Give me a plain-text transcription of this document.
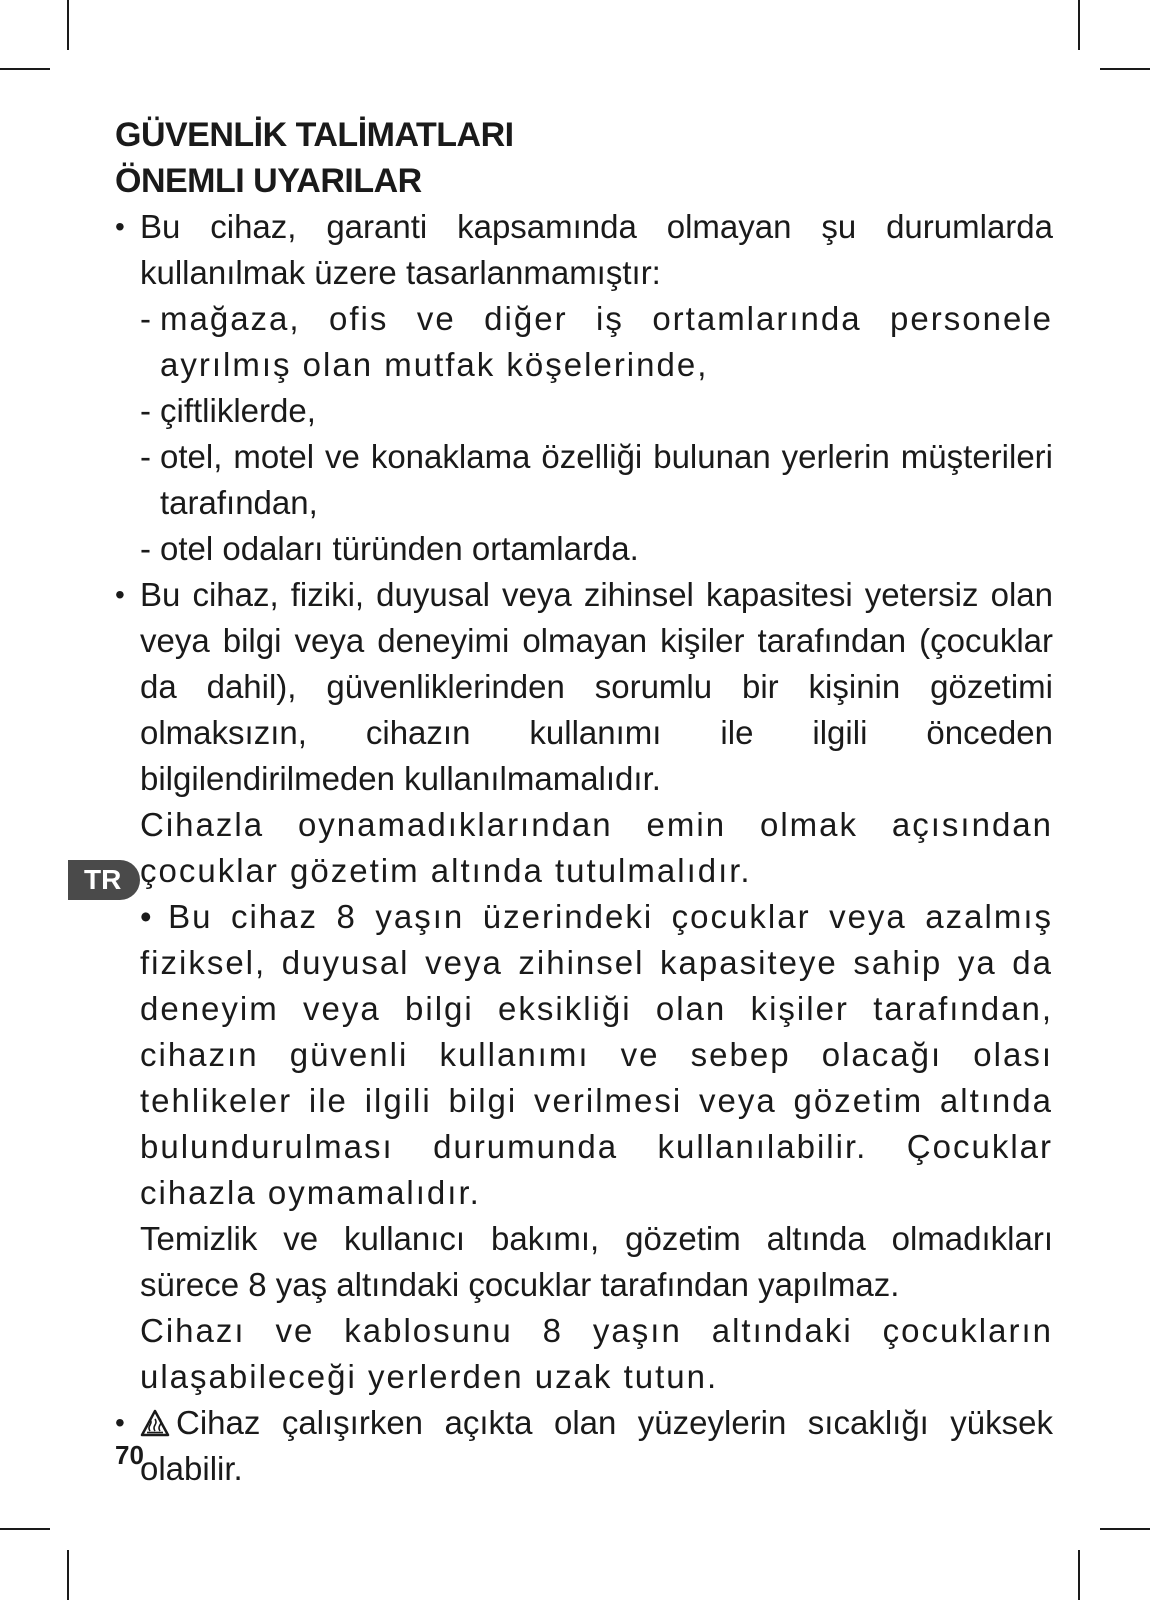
GÜVENLİK TALİMATLARI
ÖNEMLI UYARILAR
• Bu cihaz, garanti kapsamında olmayan şu durumlarda kullanılmak üzere tasarlanmamıştır:
- mağaza, ofis ve diğer iş ortamlarında personele ayrılmış olan mutfak köşelerinde,
- çiftliklerde,
- otel, motel ve konaklama özelliği bulunan yerlerin müşterileri tarafından,
- otel odaları türünden ortamlarda.
• Bu cihaz, fiziki, duyusal veya zihinsel kapasitesi yetersiz olan veya bilgi veya deneyimi olmayan kişiler tarafından (çocuklar da dahil), güvenliklerinden sorumlu bir kişinin gözetimi olmaksızın, cihazın kullanımı ile ilgili önceden bilgilendirilmeden kullanılmamalıdır.
Cihazla oynamadıklarından emin olmak açısından çocuklar gözetim altında tutulmalıdır.
• Bu cihaz 8 yaşın üzerindeki çocuklar veya azalmış fiziksel, duyusal veya zihinsel kapasiteye sahip ya da deneyim veya bilgi eksikliği olan kişiler tarafından, cihazın güvenli kullanımı ve sebep olacağı olası tehlikeler ile ilgili bilgi verilmesi veya gözetim altında bulundurulması durumunda kullanılabilir. Çocuklar cihazla oymamalıdır.
Temizlik ve kullanıcı bakımı, gözetim altında olmadıkları sürece 8 yaş altındaki çocuklar tarafından yapılmaz.
Cihazı ve kablosunu 8 yaşın altındaki çocukların ulaşabileceği yerlerden uzak tutun.
• Cihaz çalışırken açıkta olan yüzeylerin sıcaklığı yüksek olabilir.
TR
70
